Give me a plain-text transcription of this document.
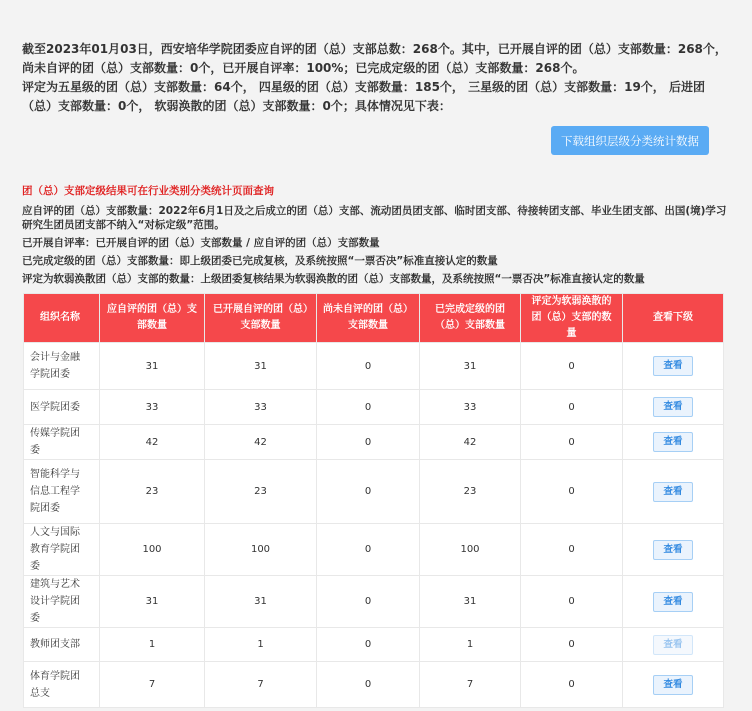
截至2023年01月03日，西安培华学院团委应自评的团（总）支部总数：268个。其中，已开展自评的团（总）支部数量：268个，尚未自评的团（总）支部数量：0个，已开展自评率：100%；已完成定级的团（总）支部数量：268个。
评定为五星级的团（总）支部数量：64个， 四星级的团（总）支部数量：185个， 三星级的团（总）支部数量：19个， 后进团（总）支部数量：0个， 软弱涣散的团（总）支部数量：0个；具体情况见下表：
下载组织层级分类统计数据
团（总）支部定级结果可在行业类别分类统计页面查询
应自评的团（总）支部数量：2022年6月1日及之后成立的团（总）支部、流动团员团支部、临时团支部、待接转团支部、毕业生团支部、出国(境)学习研究生团员团支部不纳入“对标定级”范围。
已开展自评率：已开展自评的团（总）支部数量 / 应自评的团（总）支部数量
已完成定级的团（总）支部数量：即上级团委已完成复核，及系统按照“一票否决”标准直接认定的数量
评定为软弱涣散团（总）支部的数量：上级团委复核结果为软弱涣散的团（总）支部数量，及系统按照“一票否决”标准直接认定的数量
组织名称	应自评的团（总）支部数量	已开展自评的团（总）支部数量	尚未自评的团（总）支部数量	已完成定级的团（总）支部数量	评定为软弱涣散的团（总）支部的数量	查看下级
会计与金融学院团委	31	31	0	31	0	查看
医学院团委	33	33	0	33	0	查看
传媒学院团委	42	42	0	42	0	查看
智能科学与信息工程学院团委	23	23	0	23	0	查看
人文与国际教育学院团委	100	100	0	100	0	查看
建筑与艺术设计学院团委	31	31	0	31	0	查看
教师团支部	1	1	0	1	0	查看
体育学院团总支	7	7	0	7	0	查看
